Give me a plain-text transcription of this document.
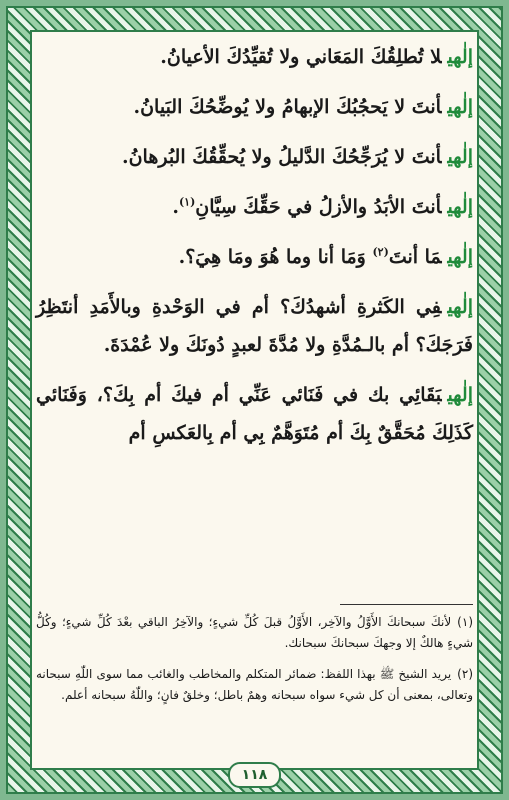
إلٰهيلا تُطلِقُكَ المَعَاني ولا تُقيِّدُكَ الأعيانُ.

إلٰهيأنتَ لا يَحجُبُكَ الإبهامُ ولا يُوضِّحُكَ البَيانُ.

إلٰهيأنتَ لا يُرَجِّحُكَ الدَّليلُ ولا يُحقِّقُكَ البُرهانُ.

إلٰهيأنتَ الأبَدُ والأزلُ في حَقِّكَ سِيَّانِ$^{(١)}$.

إلٰهيمَا أنتَ$^{(٢)}$ وَمَا أنا وما هُوَ ومَا هِيَ؟.

إلٰهيفِي الكَثرةِ أشهدُكَ؟ أم في الوَحْدةِ وبالأَمَدِ أنتَظِرُ فَرَجَكَ؟ أم بالـمُدَّةِ ولا مُدَّةَ لعبدٍ دُونَكَ ولا عُمْدَةَ.

إلٰهيبَقَائِي بك في فَنَائي عَنِّي أم فيكَ أم بِكَ؟، وَفَنَائي كَذَلِكَ مُحَقَّقٌ بِكَ أم مُتَوَهَّمٌ بِي أم بِالعَكسِ أم

(١)لأنكَ سبحانكَ الأَوَّلُ والآخِر، الأَوَّلُ قبلَ كُلِّ شيءٍ؛ والآخِرُ الباقي بعْدَ كُلِّ شيءٍ؛ وكُلُّ شيءٍ هالكٌ إلا وجهكَ سبحانكَ سبحانك.

(٢)يريد الشيخ ﷺ بهذا اللفظ: ضمائر المتكلم والمخاطب والغائب مما سوى اللّٰهِ سبحانه وتعالى، بمعنى أن كل شيء سواه سبحانه وهمٌ باطل؛ وخلقٌ فانٍ؛ واللّٰهُ سبحانه أعلم.

١١٨
